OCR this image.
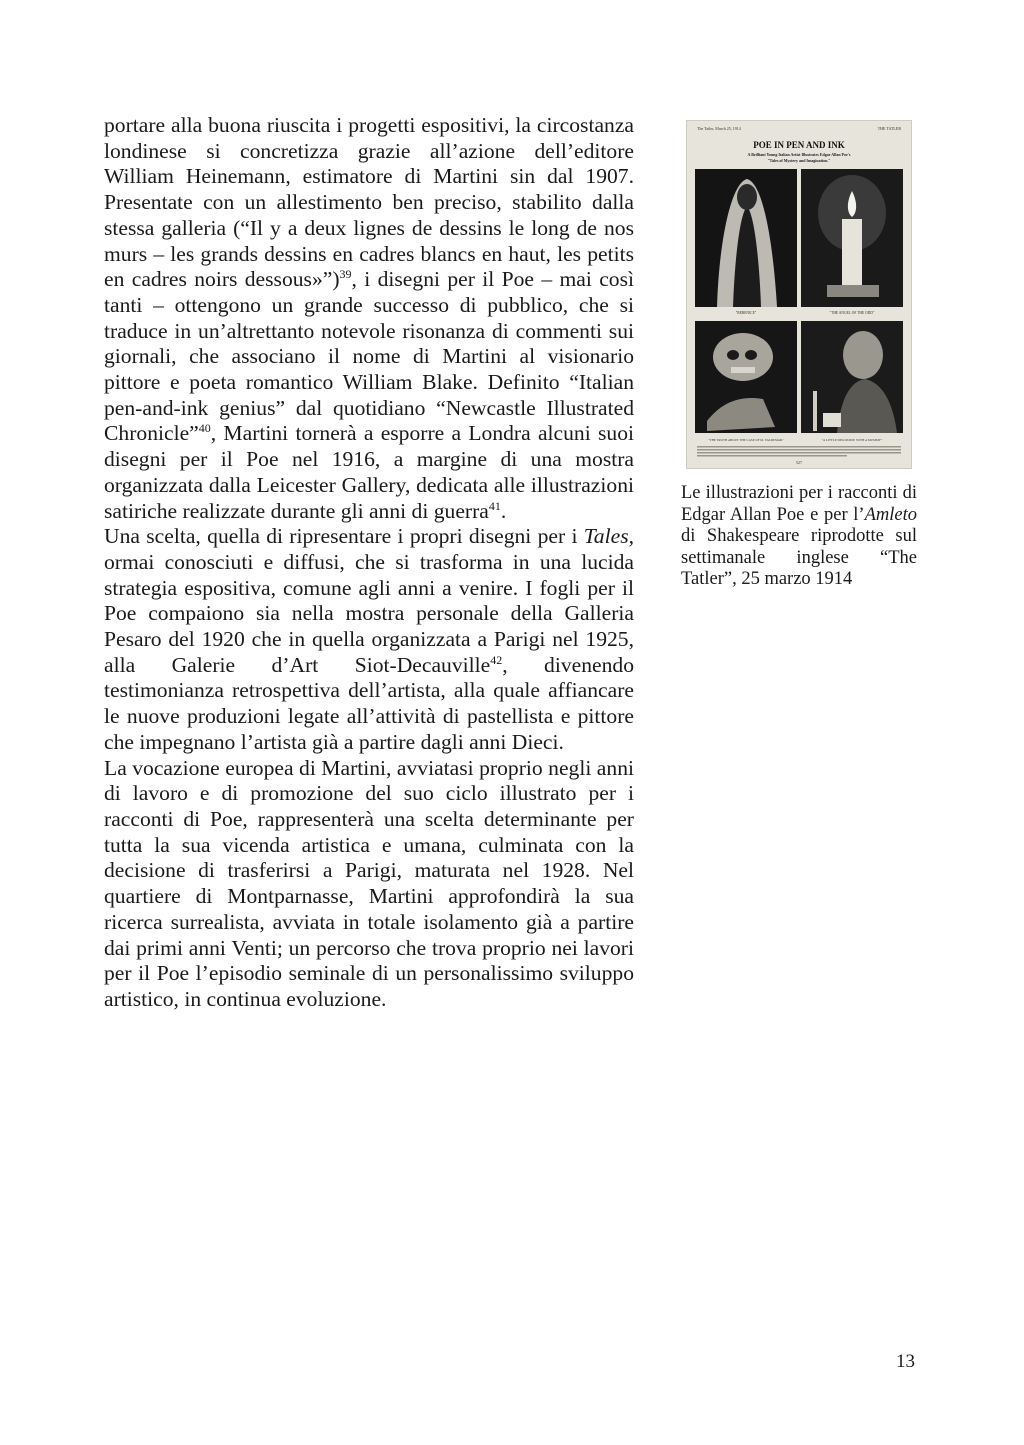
portare alla buona riuscita i progetti espositivi, la circostanza londinese si concretizza grazie all’azione dell’editore William Heinemann, estimatore di Martini sin dal 1907. Presentate con un allestimento ben preciso, stabilito dalla stessa galleria (“Il y a deux lignes de dessins le long de nos murs – les grands dessins en cadres blancs en haut, les petits en cadres noirs dessous»”)$^{39}$, i disegni per il Poe – mai così tanti – ottengono un grande successo di pubblico, che si traduce in un’altrettanto notevole risonanza di commenti sui giornali, che associano il nome di Martini al visionario pittore e poeta romantico William Blake. Definito “Italian pen-and-ink genius” dal quotidiano “Newcastle Illustrated Chronicle”$^{40}$, Martini tornerà a esporre a Londra alcuni suoi disegni per il Poe nel 1916, a margine di una mostra organizzata dalla Leicester Gallery, dedicata alle illustrazioni satiriche realizzate durante gli anni di guerra$^{41}$.

Una scelta, quella di ripresentare i propri disegni per i Tales, ormai conosciuti e diffusi, che si trasforma in una lucida strategia espositiva, comune agli anni a venire. I fogli per il Poe compaiono sia nella mostra personale della Galleria Pesaro del 1920 che in quella organizzata a Parigi nel 1925, alla Galerie d’Art Siot-Decauville$^{42}$, divenendo testimonianza retrospettiva dell’artista, alla quale affiancare le nuove produzioni legate all’attività di pastellista e pittore che impegnano l’artista già a partire dagli anni Dieci.

La vocazione europea di Martini, avviatasi proprio negli anni di lavoro e di promozione del suo ciclo illustrato per i racconti di Poe, rappresenterà una scelta determinante per tutta la sua vicenda artistica e umana, culminata con la decisione di trasferirsi a Parigi, maturata nel 1928. Nel quartiere di Montparnasse, Martini approfondirà la sua ricerca surrealista, avviata in totale isolamento già a partire dai primi anni Venti; un percorso che trova proprio nei lavori per il Poe l’episodio seminale di un personalissimo sviluppo artistico, in continua evoluzione.

The Tatler, March 25, 1914	THE TATLER
POE IN PEN AND INK
A Brilliant Young Italian Artist Illustrates Edgar Allan Poe's
"Tales of Mystery and Imagination."
"BERENICE"	"THE ANGEL OF THE ODD"
"THE TRUTH ABOUT THE CASE OF M. VALDEMAR"	"A LITTLE DISCOURSE WITH A MUMMY"
527
Le illustrazioni per i racconti di Edgar Allan Poe e per l’Amleto di Shakespeare riprodotte sul settimanale inglese “The Tatler”, 25 marzo 1914
13
